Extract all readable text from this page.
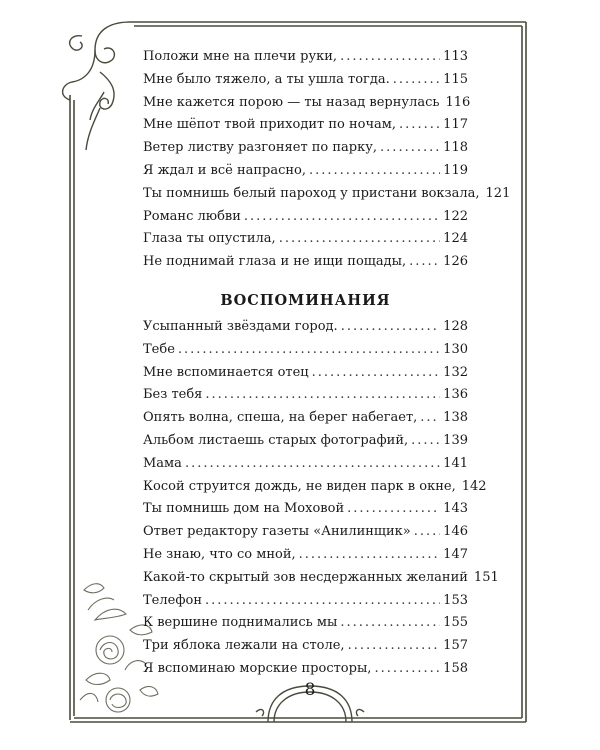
Положи мне на плечи руки, .....	113
Мне было тяжело, а ты ушла тогда. .....	115
Мне кажется порою — ты назад вернулась 116
Мне шёпот твой приходит по ночам, .....	117
Ветер листву разгоняет по парку, .....	118
Я ждал и всё напрасно, .....	119
Ты помнишь белый пароход у пристани вокзала, 121
Романс любви .....	122
Глаза ты опустила, .....	124
Не поднимай глаза и не ищи пощады, .....	126
ВОСПОМИНАНИЯ
Усыпанный звёздами город. .....	128
Тебе .....	130
Мне вспоминается отец .....	132
Без тебя .....	136
Опять волна, спеша, на берег набегает, ..... 138
Альбом листаешь старых фотографий, .....	139
Мама .....	141
Косой струится дождь, не виден парк в окне, 142
Ты помнишь дом на Моховой .....	143
Ответ редактору газеты «Анилинщик» ..... 146
Не знаю, что со мной, .....	147
Какой-то скрытый зов несдержанных желаний 151
Телефон .....	153
К вершине поднимались мы .....	155
Три яблока лежали на столе, .....	157
Я вспоминаю морские просторы, .....	158
8
